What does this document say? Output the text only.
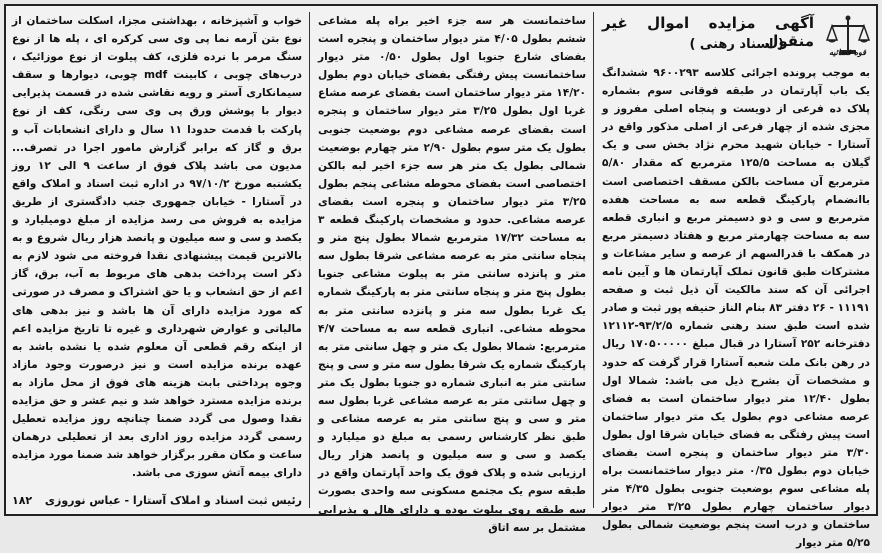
آگهی مزایده اموال غیر منقول
( اسناد رهنی )
قوه قضائیه
به موجب پرونده اجرائی کلاسه ۹۶۰۰۲۹۳ ششدانگ یک باب آپارتمان در طبقه فوقانی سوم بشماره پلاک ده فرعی از دویست و پنجاه اصلی مفروز و مجزی شده از چهار فرعی از اصلی مذکور واقع در آستارا - خیابان شهید محرم نژاد بخش سی و یک گیلان به مساحت ۱۲۵/۵ مترمربع که مقدار ۵/۸۰ مترمربع آن مساحت بالکن مسقف اختصاصی است باانضمام پارکینگ قطعه سه به مساحت هفده مترمربع و سی و دو دسیمتر مربع و انباری قطعه سه به مساحت چهارمتر مربع و هفتاد دسیمتر مربع در همکف با قدرالسهم از عرصه و سایر مشاعات و مشترکات طبق قانون تملک آپارتمان ها و آیین نامه اجرائی آن که سند مالکیت آن ذیل ثبت و صفحه ۱۱۱۹۱ - ۲۶ دفتر ۸۳ بنام الناز حنیفه پور ثبت و صادر شده است طبق سند رهنی شماره ۹۳/۲/۵-۱۲۱۱۲ دفترخانه ۲۵۲ آستارا در قبال مبلغ ۱۷۰۵۰۰۰۰۰ ریال در رهن بانک ملت شعبه آستارا قرار گرفت که حدود و مشخصات آن بشرح ذیل می باشد: شمالا اول بطول ۱۲/۴۰ متر دیوار ساختمان است به فضای عرصه مشاعی دوم بطول یک متر دیوار ساختمان است پیش رفتگی به فضای خیابان شرقا اول بطول ۳/۳۰ متر دیوار ساختمان و پنجره است بفضای خیابان دوم بطول ۰/۳۵ متر دیوار ساختمانست براه پله مشاعی سوم بوضعیت جنوبی بطول ۴/۳۵ متر دیوار ساختمان چهارم بطول ۳/۲۵ متر دیوار ساختمان و درب است پنجم بوضعیت شمالی بطول ۵/۲۵ متر دیوار
ساختمانست هر سه جزء اخیر براه پله مشاعی ششم بطول ۴/۰۵ متر دیوار ساختمان و پنجره است بفضای شارع جنوبا اول بطول ۰/۵۰ متر دیوار ساختمانست پیش رفتگی بفضای خیابان دوم بطول ۱۴/۲۰ متر دیوار ساختمان است بفضای عرصه مشاع غربا اول بطول ۳/۲۵ متر دیوار ساختمان و پنجره است بفضای عرصه مشاعی دوم بوضعیت جنوبی بطول یک متر سوم بطول ۲/۹۰ متر چهارم بوضعیت شمالی بطول یک متر هر سه جزء اخیر لبه بالکن اختصاصی است بفضای محوطه مشاعی پنجم بطول ۳/۲۵ متر دیوار ساختمان و پنجره است بفضای عرصه مشاعی. حدود و مشخصات پارکینگ قطعه ۳ به مساحت ۱۷/۳۲ مترمربع شمالا بطول پنج متر و پنجاه سانتی متر به عرصه مشاعی شرقا بطول سه متر و پانزده سانتی متر به پیلوت مشاعی جنوبا بطول پنج متر و پنجاه سانتی متر به پارکینگ شماره یک غربا بطول سه متر و پانزده سانتی متر به محوطه مشاعی. انباری قطعه سه به مساحت ۴/۷ مترمربع: شمالا بطول یک متر و چهل سانتی متر به پارکینگ شماره یک شرقا بطول سه متر و سی و پنج سانتی متر به انباری شماره دو جنوبا بطول یک متر و چهل سانتی متر به عرصه مشاعی غربا بطول سه متر و سی و پنج سانتی متر به عرصه مشاعی و طبق نظر کارشناس رسمی به مبلغ دو میلیارد و یکصد و سی و سه میلیون و پانصد هزار ریال ارزیابی شده و پلاک فوق یک واحد آپارتمان واقع در طبقه سوم یک مجتمع مسکونی سه واحدی بصورت سه طبقه روی پیلوت بوده و دارای هال و پذیرایی مشتمل بر سه اتاق
خواب و آشپزخانه ، بهداشتی مجزا، اسکلت ساختمان از نوع بتن آرمه نما پی وی سی کرکره ای ، پله ها از نوع سنگ مرمر با نرده فلزی، کف پیلوت از نوع موزائیک ، درب‌های چوبی ، کابینت mdf چوبی، دیوارها و سقف سیمانکاری آستر و رویه نقاشی شده در قسمت پذیرایی دیوار با پوشش ورق پی وی سی رنگی، کف از نوع پارکت با قدمت حدودا ۱۱ سال و دارای انشعابات آب و برق و گاز که برابر گزارش مامور اجرا در تصرف... مدیون می باشد پلاک فوق از ساعت ۹ الی ۱۲ روز یکشنبه مورخ ۹۷/۱۰/۲ در اداره ثبت اسناد و املاک واقع در آستارا - خیابان جمهوری جنب دادگستری از طریق مزایده به فروش می رسد مزایده از مبلغ دومیلیارد و یکصد و سی و سه میلیون و پانصد هزار ریال شروع و به بالاترین قیمت پیشنهادی نقدا فروخته می شود لازم به ذکر است پرداخت بدهی های مربوط به آب، برق، گاز اعم از حق انشعاب و یا حق اشتراک و مصرف در صورتی که مورد مزایده دارای آن ها باشد و نیز بدهی های مالیاتی و عوارض شهرداری و غیره تا تاریخ مزایده اعم از اینکه رقم قطعی آن معلوم شده یا نشده باشد به عهده برنده مزایده است و نیز درصورت وجود مازاد وجوه پرداختی بابت هزینه های فوق از محل مازاد به برنده مزایده مسترد خواهد شد و نیم عشر و حق مزایده نقدا وصول می گردد ضمنا چنانچه روز مزایده تعطیل رسمی گردد مزایده روز اداری بعد از تعطیلی درهمان ساعت و مکان مقرر برگزار خواهد شد ضمنا مورد مزایده دارای بیمه آتش سوزی می باشد.
رئیس ثبت اسناد و املاک آستارا - عباس نوروزی
۱۸۲
